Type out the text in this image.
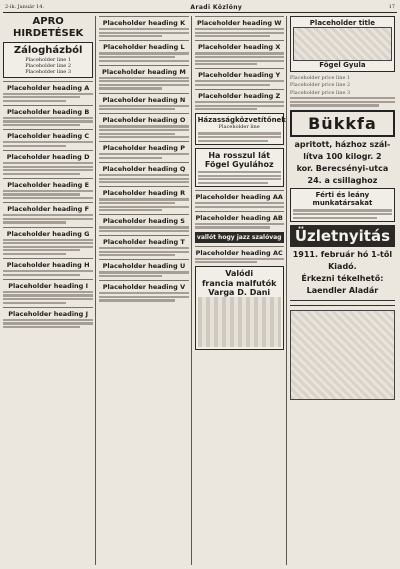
2-ik. Január 14.	Aradi Közlöny	17
APRÓ HIRDETÉSEK
Zálogházból
Placeholder line 1
Placeholder line 2
Placeholder line 3
Placeholder heading A
Placeholder heading B
Placeholder heading C
Placeholder heading D
Placeholder heading E
Placeholder heading F
Placeholder heading G
Placeholder heading H
Placeholder heading I
Placeholder heading J
Placeholder heading K
Placeholder heading L
Placeholder heading M
Placeholder heading N
Placeholder heading O
Placeholder heading P
Placeholder heading Q
Placeholder heading R
Placeholder heading S
Placeholder heading T
Placeholder heading U
Placeholder heading V
Placeholder heading W
Placeholder heading X
Placeholder heading Y
Placeholder heading Z
Házasságközvetítőnek
Placeholder line
Ha rosszul lát
Fögel Gyulához
Placeholder heading AA
Placeholder heading AB
vallót hogy jazz szalóvag
Placeholder heading AC
Valódi
francia malfutók
Varga D. Dani
Placeholder title
Fögel Gyula
Placeholder price line 1
Placeholder price line 2
Placeholder price line 3
Bükkfa
apritott, házhoz szál-
lítva 100 kilogr. 2
kor. Berecsényi-utca
24. a csillaghoz
Férti és leány munkatársakat
Üzletnyitás
1911. február hó 1-től
Kiadó.
Érkezni tékelhető:
Laendler Aladár
